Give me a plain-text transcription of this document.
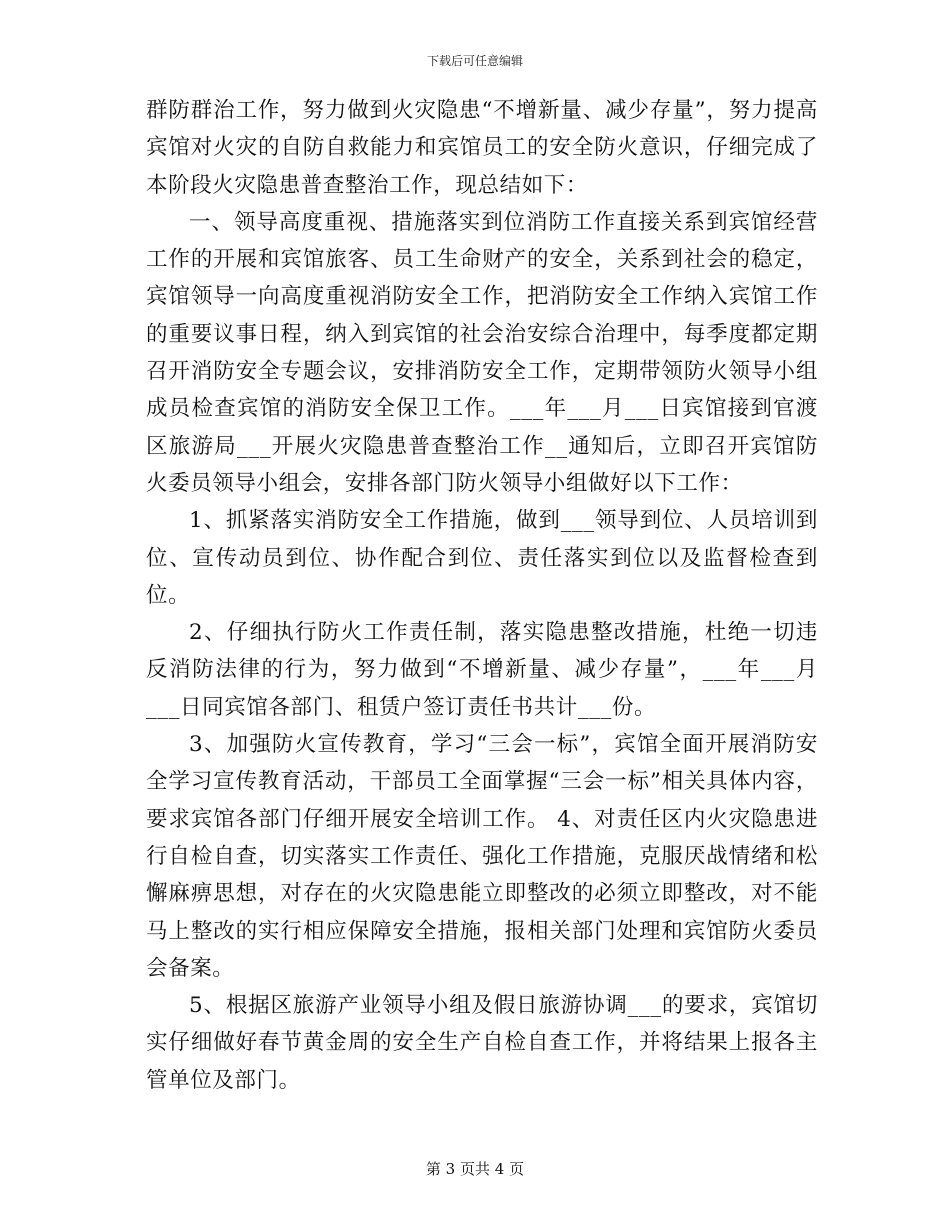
下载后可任意编辑

群防群治工作，努力做到火灾隐患“不增新量、减少存量”，努力提高宾馆对火灾的自防自救能力和宾馆员工的安全防火意识，仔细完成了本阶段火灾隐患普查整治工作，现总结如下：

一、领导高度重视、措施落实到位消防工作直接关系到宾馆经营工作的开展和宾馆旅客、员工生命财产的安全，关系到社会的稳定，宾馆领导一向高度重视消防安全工作，把消防安全工作纳入宾馆工作的重要议事日程，纳入到宾馆的社会治安综合治理中，每季度都定期召开消防安全专题会议，安排消防安全工作，定期带领防火领导小组成员检查宾馆的消防安全保卫工作。___年___月___日宾馆接到官渡区旅游局___开展火灾隐患普查整治工作__通知后，立即召开宾馆防火委员领导小组会，安排各部门防火领导小组做好以下工作：

1、抓紧落实消防安全工作措施，做到___领导到位、人员培训到位、宣传动员到位、协作配合到位、责任落实到位以及监督检查到位。

2、仔细执行防火工作责任制，落实隐患整改措施，杜绝一切违反消防法律的行为，努力做到“不增新量、减少存量”，___年___月___日同宾馆各部门、租赁户签订责任书共计___份。

3、加强防火宣传教育，学习“三会一标”，宾馆全面开展消防安全学习宣传教育活动，干部员工全面掌握“三会一标”相关具体内容，要求宾馆各部门仔细开展安全培训工作。 4、对责任区内火灾隐患进行自检自查，切实落实工作责任、强化工作措施，克服厌战情绪和松懈麻痹思想，对存在的火灾隐患能立即整改的必须立即整改，对不能马上整改的实行相应保障安全措施，报相关部门处理和宾馆防火委员会备案。

5、根据区旅游产业领导小组及假日旅游协调___的要求，宾馆切实仔细做好春节黄金周的安全生产自检自查工作，并将结果上报各主管单位及部门。

第 3 页共 4 页
